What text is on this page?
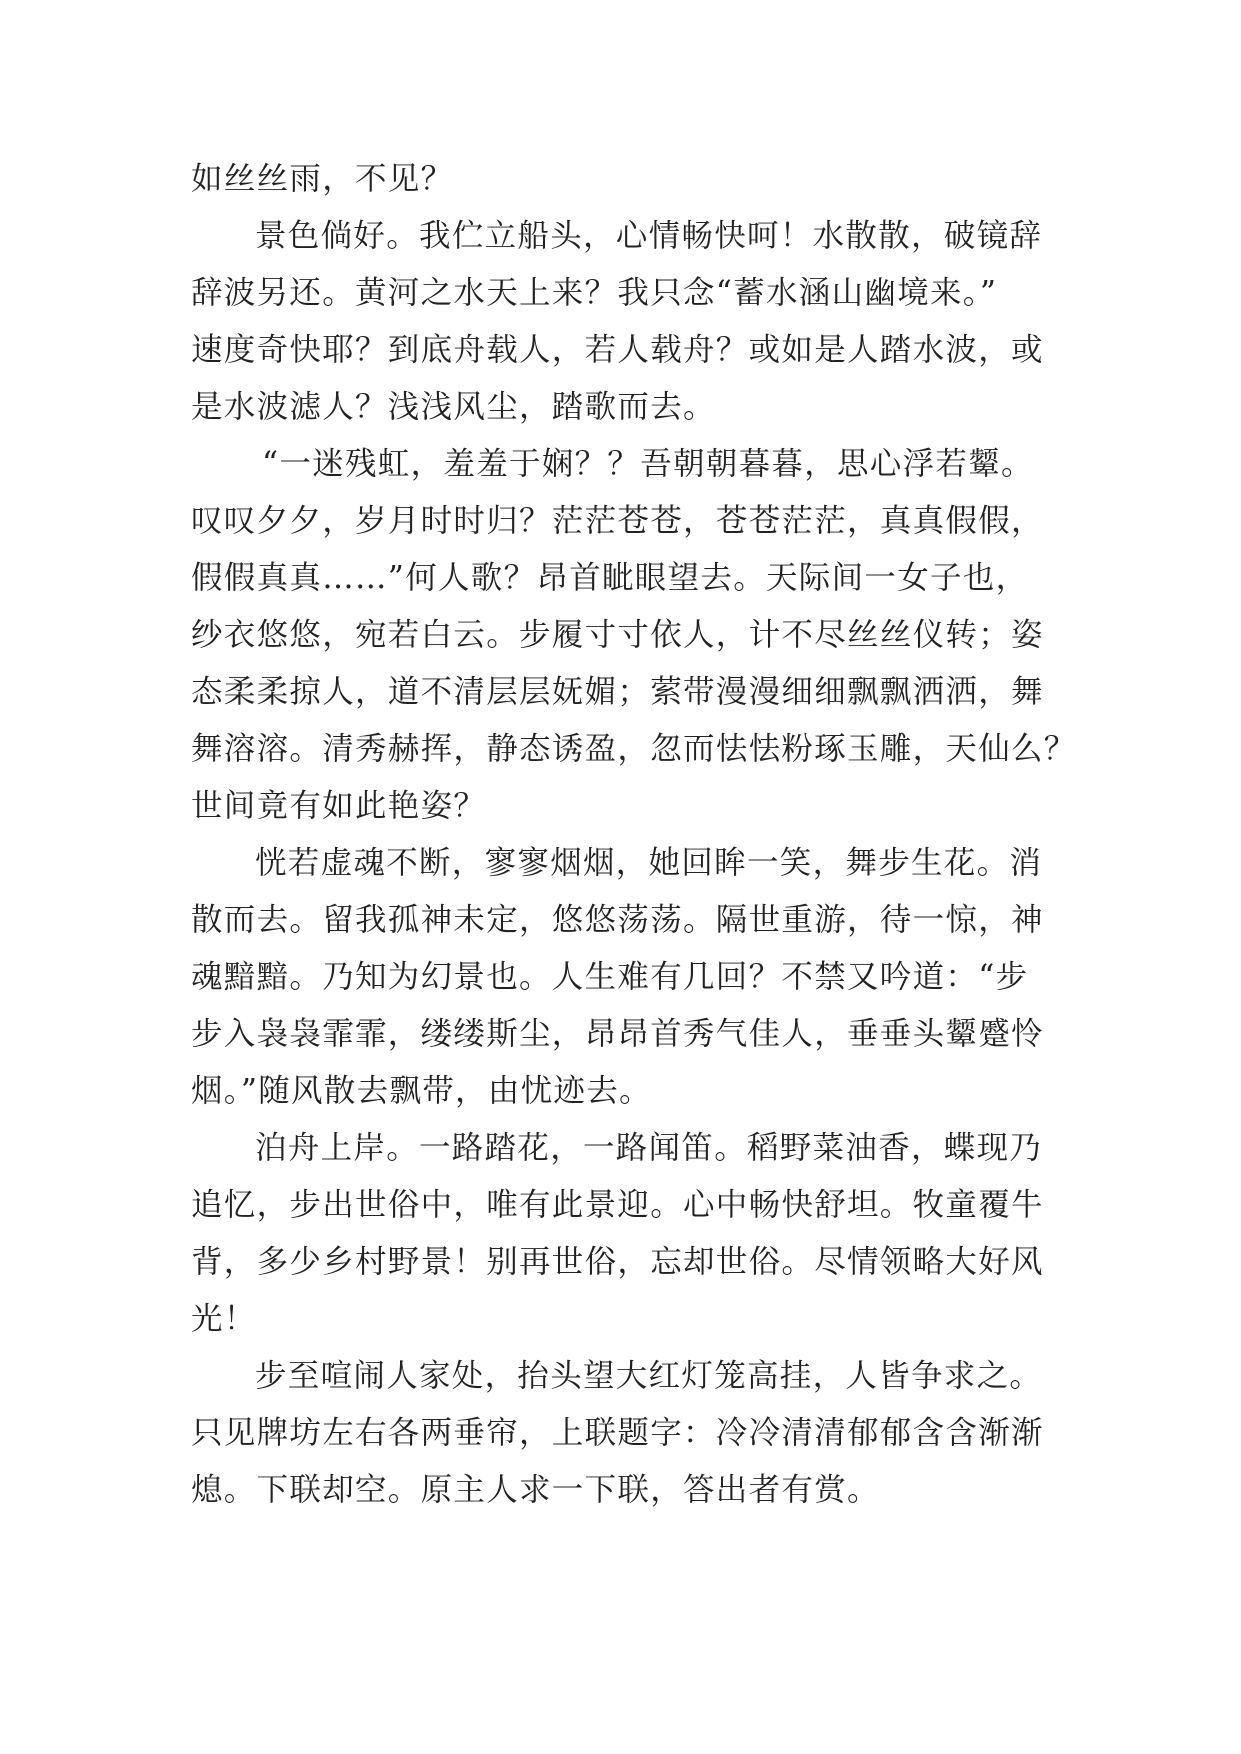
如丝丝雨，不见？
景色倘好。我伫立船头，心情畅快呵！水散散，破镜辞
辞波另还。黄河之水天上来？我只念“蓄水涵山幽境来。”
速度奇快耶？到底舟载人，若人载舟？或如是人踏水波，或
是水波滤人？浅浅风尘，踏歌而去。
“一迷残虹，羞羞于娴？？吾朝朝暮暮，思心浮若颦。
叹叹夕夕，岁月时时归？茫茫苍苍，苍苍茫茫，真真假假，
假假真真……”何人歌？昂首眦眼望去。天际间一女子也，
纱衣悠悠，宛若白云。步履寸寸依人，计不尽丝丝仪转；姿
态柔柔掠人，道不清层层妩媚；萦带漫漫细细飘飘洒洒，舞
舞溶溶。清秀赫挥，静态诱盈，忽而怯怯粉琢玉雕，天仙么？
世间竟有如此艳姿？
恍若虚魂不断，寥寥烟烟，她回眸一笑，舞步生花。消
散而去。留我孤神未定，悠悠荡荡。隔世重游，待一惊，神
魂黯黯。乃知为幻景也。人生难有几回？不禁又吟道：“步
步入袅袅霏霏，缕缕斯尘，昂昂首秀气佳人，垂垂头颦蹙怜
烟。”随风散去飘带，由忧迹去。
泊舟上岸。一路踏花，一路闻笛。稻野菜油香，蝶现乃
追忆，步出世俗中，唯有此景迎。心中畅快舒坦。牧童覆牛
背，多少乡村野景！别再世俗，忘却世俗。尽情领略大好风
光！
步至喧闹人家处，抬头望大红灯笼高挂，人皆争求之。
只见牌坊左右各两垂帘，上联题字：冷冷清清郁郁含含渐渐
熄。下联却空。原主人求一下联，答出者有赏。
